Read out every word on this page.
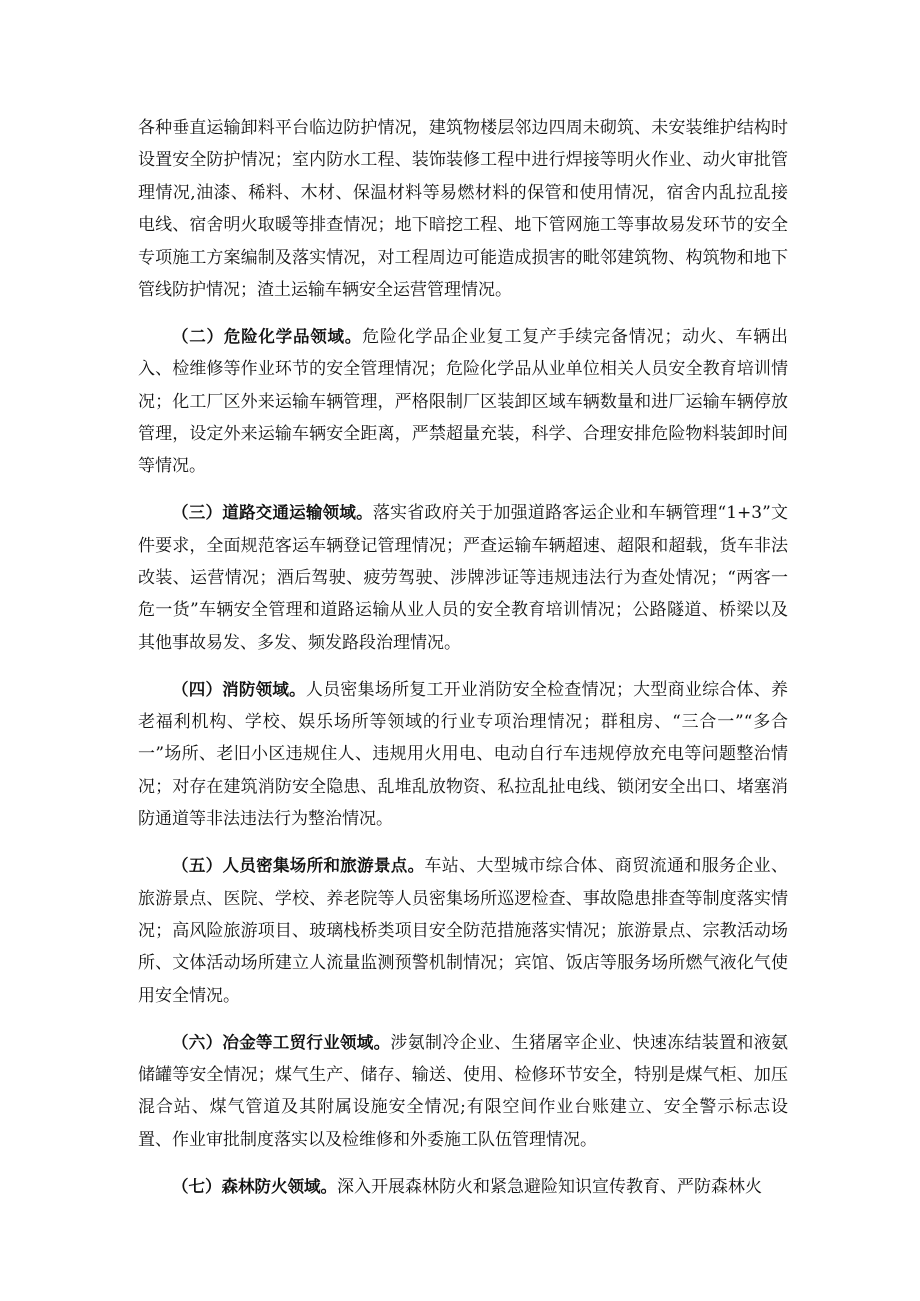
各种垂直运输卸料平台临边防护情况，建筑物楼层邻边四周未砌筑、未安装维护结构时设置安全防护情况；室内防水工程、装饰装修工程中进行焊接等明火作业、动火审批管理情况,油漆、稀料、木材、保温材料等易燃材料的保管和使用情况，宿舍内乱拉乱接电线、宿舍明火取暖等排查情况；地下暗挖工程、地下管网施工等事故易发环节的安全专项施工方案编制及落实情况，对工程周边可能造成损害的毗邻建筑物、构筑物和地下管线防护情况；渣土运输车辆安全运营管理情况。

（二）危险化学品领域。危险化学品企业复工复产手续完备情况；动火、车辆出入、检维修等作业环节的安全管理情况；危险化学品从业单位相关人员安全教育培训情况；化工厂区外来运输车辆管理，严格限制厂区装卸区域车辆数量和进厂运输车辆停放管理，设定外来运输车辆安全距离，严禁超量充装，科学、合理安排危险物料装卸时间等情况。

（三）道路交通运输领域。落实省政府关于加强道路客运企业和车辆管理“1+3”文件要求，全面规范客运车辆登记管理情况；严查运输车辆超速、超限和超载，货车非法改装、运营情况；酒后驾驶、疲劳驾驶、涉牌涉证等违规违法行为查处情况；“两客一危一货”车辆安全管理和道路运输从业人员的安全教育培训情况；公路隧道、桥梁以及其他事故易发、多发、频发路段治理情况。

（四）消防领域。人员密集场所复工开业消防安全检查情况；大型商业综合体、养老福利机构、学校、娱乐场所等领域的行业专项治理情况；群租房、“三合一”“多合一”场所、老旧小区违规住人、违规用火用电、电动自行车违规停放充电等问题整治情况；对存在建筑消防安全隐患、乱堆乱放物资、私拉乱扯电线、锁闭安全出口、堵塞消防通道等非法违法行为整治情况。

（五）人员密集场所和旅游景点。车站、大型城市综合体、商贸流通和服务企业、旅游景点、医院、学校、养老院等人员密集场所巡逻检查、事故隐患排查等制度落实情况；高风险旅游项目、玻璃栈桥类项目安全防范措施落实情况；旅游景点、宗教活动场所、文体活动场所建立人流量监测预警机制情况；宾馆、饭店等服务场所燃气液化气使用安全情况。

（六）冶金等工贸行业领域。涉氨制冷企业、生猪屠宰企业、快速冻结装置和液氨储罐等安全情况；煤气生产、储存、输送、使用、检修环节安全，特别是煤气柜、加压混合站、煤气管道及其附属设施安全情况;有限空间作业台账建立、安全警示标志设置、作业审批制度落实以及检维修和外委施工队伍管理情况。

（七）森林防火领域。深入开展森林防火和紧急避险知识宣传教育、严防森林火
